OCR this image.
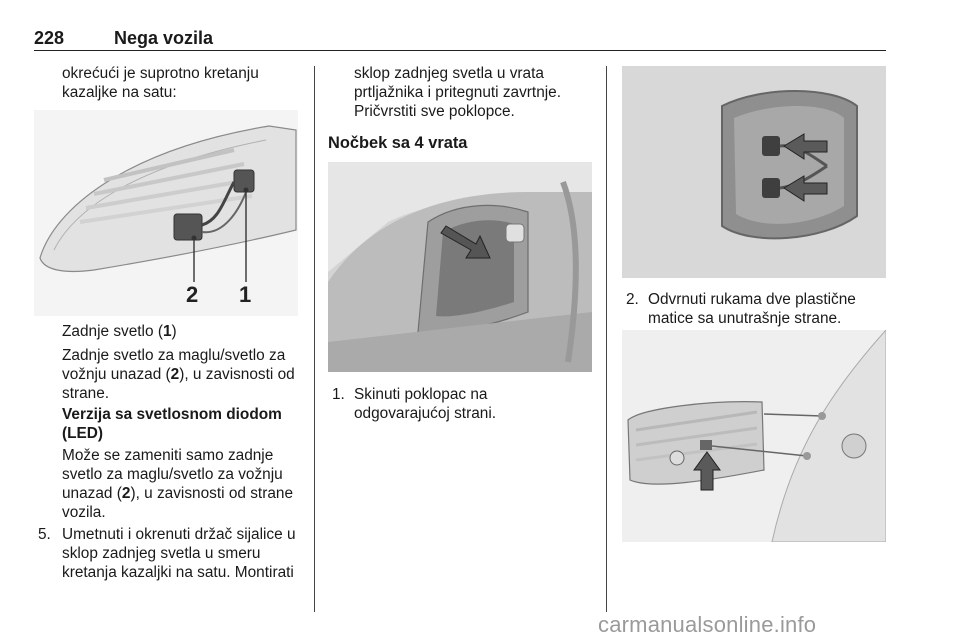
228	Nega vozila

okrećući je suprotno kretanju
kazaljke na satu:

2 1

Zadnje svetlo (1)

Zadnje svetlo za maglu/svetlo za
vožnju unazad (2), u zavisnosti od
strane.

Verzija sa svetlosnom diodom
(LED)

Može se zameniti samo zadnje
svetlo za maglu/svetlo za vožnju
unazad (2), u zavisnosti od strane
vozila.

5. Umetnuti i okrenuti držač sijalice u
sklop zadnjeg svetla u smeru
kretanja kazaljki na satu. Montirati

sklop zadnjeg svetla u vrata
prtljažnika i pritegnuti zavrtnje.
Pričvrstiti sve poklopce.

Nočbek sa 4 vrata
1. Skinuti poklopac na
odgovarajućoj strani.

2. Odvrnuti rukama dve plastične
matice sa unutrašnje strane.

carmanualsonline.info
